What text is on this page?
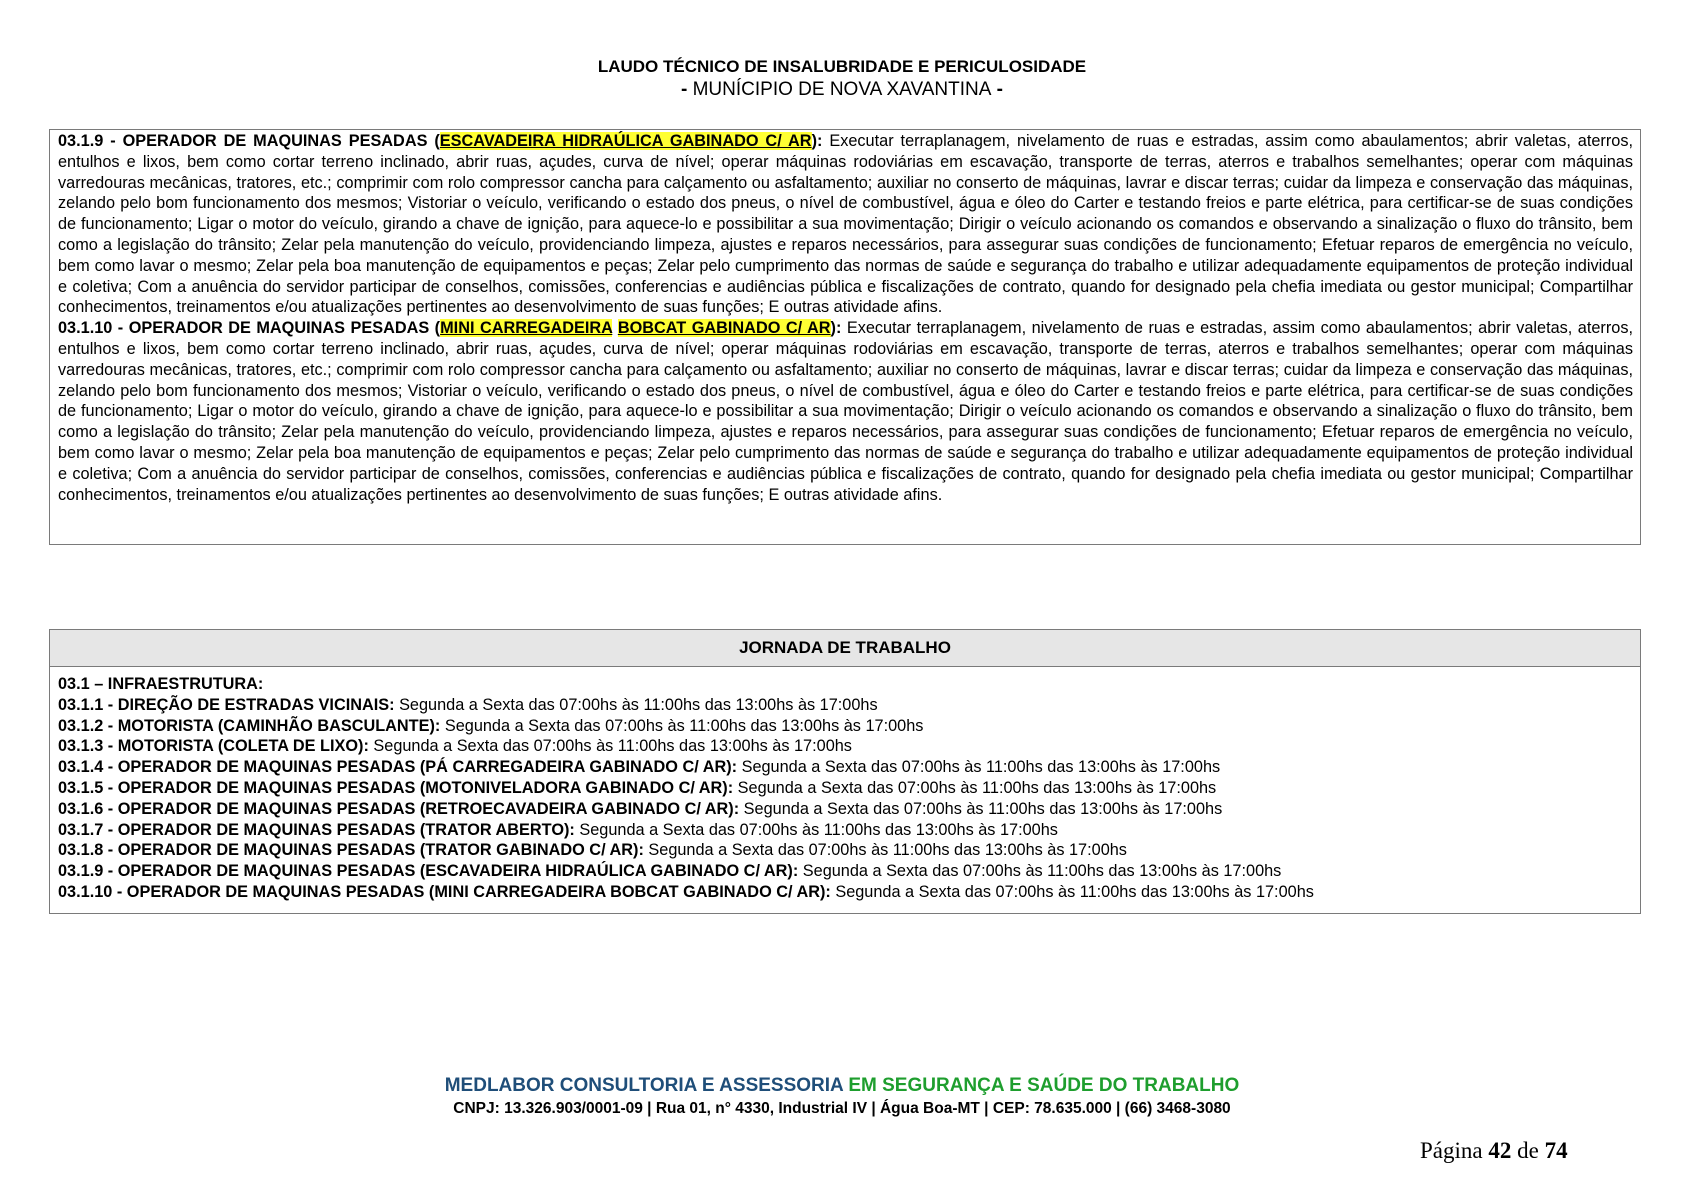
LAUDO TÉCNICO DE INSALUBRIDADE E PERICULOSIDADE
- MUNÍCIPIO DE NOVA XAVANTINA -

03.1.9 - OPERADOR DE MAQUINAS PESADAS (ESCAVADEIRA HIDRAÚLICA GABINADO C/ AR): Executar terraplanagem, nivelamento de ruas e estradas, assim como abaulamentos; abrir valetas, aterros, entulhos e lixos, bem como cortar terreno inclinado, abrir ruas, açudes, curva de nível; operar máquinas rodoviárias em escavação, transporte de terras, aterros e trabalhos semelhantes; operar com máquinas varredouras mecânicas, tratores, etc.; comprimir com rolo compressor cancha para calçamento ou asfaltamento; auxiliar no conserto de máquinas, lavrar e discar terras; cuidar da limpeza e conservação das máquinas, zelando pelo bom funcionamento dos mesmos; Vistoriar o veículo, verificando o estado dos pneus, o nível de combustível, água e óleo do Carter e testando freios e parte elétrica, para certificar-se de suas condições de funcionamento; Ligar o motor do veículo, girando a chave de ignição, para aquece-lo e possibilitar a sua movimentação; Dirigir o veículo acionando os comandos e observando a sinalização o fluxo do trânsito, bem como a legislação do trânsito; Zelar pela manutenção do veículo, providenciando limpeza, ajustes e reparos necessários, para assegurar suas condições de funcionamento; Efetuar reparos de emergência no veículo, bem como lavar o mesmo; Zelar pela boa manutenção de equipamentos e peças; Zelar pelo cumprimento das normas de saúde e segurança do trabalho e utilizar adequadamente equipamentos de proteção individual e coletiva; Com a anuência do servidor participar de conselhos, comissões, conferencias e audiências pública e fiscalizações de contrato, quando for designado pela chefia imediata ou gestor municipal; Compartilhar conhecimentos, treinamentos e/ou atualizações pertinentes ao desenvolvimento de suas funções; E outras atividade afins.

03.1.10 - OPERADOR DE MAQUINAS PESADAS (MINI CARREGADEIRA BOBCAT GABINADO C/ AR): Executar terraplanagem, nivelamento de ruas e estradas, assim como abaulamentos; abrir valetas, aterros, entulhos e lixos, bem como cortar terreno inclinado, abrir ruas, açudes, curva de nível; operar máquinas rodoviárias em escavação, transporte de terras, aterros e trabalhos semelhantes; operar com máquinas varredouras mecânicas, tratores, etc.; comprimir com rolo compressor cancha para calçamento ou asfaltamento; auxiliar no conserto de máquinas, lavrar e discar terras; cuidar da limpeza e conservação das máquinas, zelando pelo bom funcionamento dos mesmos; Vistoriar o veículo, verificando o estado dos pneus, o nível de combustível, água e óleo do Carter e testando freios e parte elétrica, para certificar-se de suas condições de funcionamento; Ligar o motor do veículo, girando a chave de ignição, para aquece-lo e possibilitar a sua movimentação; Dirigir o veículo acionando os comandos e observando a sinalização o fluxo do trânsito, bem como a legislação do trânsito; Zelar pela manutenção do veículo, providenciando limpeza, ajustes e reparos necessários, para assegurar suas condições de funcionamento; Efetuar reparos de emergência no veículo, bem como lavar o mesmo; Zelar pela boa manutenção de equipamentos e peças; Zelar pelo cumprimento das normas de saúde e segurança do trabalho e utilizar adequadamente equipamentos de proteção individual e coletiva; Com a anuência do servidor participar de conselhos, comissões, conferencias e audiências pública e fiscalizações de contrato, quando for designado pela chefia imediata ou gestor municipal; Compartilhar conhecimentos, treinamentos e/ou atualizações pertinentes ao desenvolvimento de suas funções; E outras atividade afins.

JORNADA DE TRABALHO
03.1 – INFRAESTRUTURA:
03.1.1 - DIREÇÃO DE ESTRADAS VICINAIS: Segunda a Sexta das 07:00hs às 11:00hs das 13:00hs às 17:00hs
03.1.2 - MOTORISTA (CAMINHÃO BASCULANTE): Segunda a Sexta das 07:00hs às 11:00hs das 13:00hs às 17:00hs
03.1.3 - MOTORISTA (COLETA DE LIXO): Segunda a Sexta das 07:00hs às 11:00hs das 13:00hs às 17:00hs
03.1.4 - OPERADOR DE MAQUINAS PESADAS (PÁ CARREGADEIRA GABINADO C/ AR): Segunda a Sexta das 07:00hs às 11:00hs das 13:00hs às 17:00hs
03.1.5 - OPERADOR DE MAQUINAS PESADAS (MOTONIVELADORA GABINADO C/ AR): Segunda a Sexta das 07:00hs às 11:00hs das 13:00hs às 17:00hs
03.1.6 - OPERADOR DE MAQUINAS PESADAS (RETROECAVADEIRA GABINADO C/ AR): Segunda a Sexta das 07:00hs às 11:00hs das 13:00hs às 17:00hs
03.1.7 - OPERADOR DE MAQUINAS PESADAS (TRATOR ABERTO): Segunda a Sexta das 07:00hs às 11:00hs das 13:00hs às 17:00hs
03.1.8 - OPERADOR DE MAQUINAS PESADAS (TRATOR GABINADO C/ AR): Segunda a Sexta das 07:00hs às 11:00hs das 13:00hs às 17:00hs
03.1.9 - OPERADOR DE MAQUINAS PESADAS (ESCAVADEIRA HIDRAÚLICA GABINADO C/ AR): Segunda a Sexta das 07:00hs às 11:00hs das 13:00hs às 17:00hs
03.1.10 - OPERADOR DE MAQUINAS PESADAS (MINI CARREGADEIRA BOBCAT GABINADO C/ AR): Segunda a Sexta das 07:00hs às 11:00hs das 13:00hs às 17:00hs
MEDLABOR CONSULTORIA E ASSESSORIA EM SEGURANÇA E SAÚDE DO TRABALHO
CNPJ: 13.326.903/0001-09 | Rua 01, n° 4330, Industrial IV | Água Boa-MT | CEP: 78.635.000 | (66) 3468-3080
Página 42 de 74
